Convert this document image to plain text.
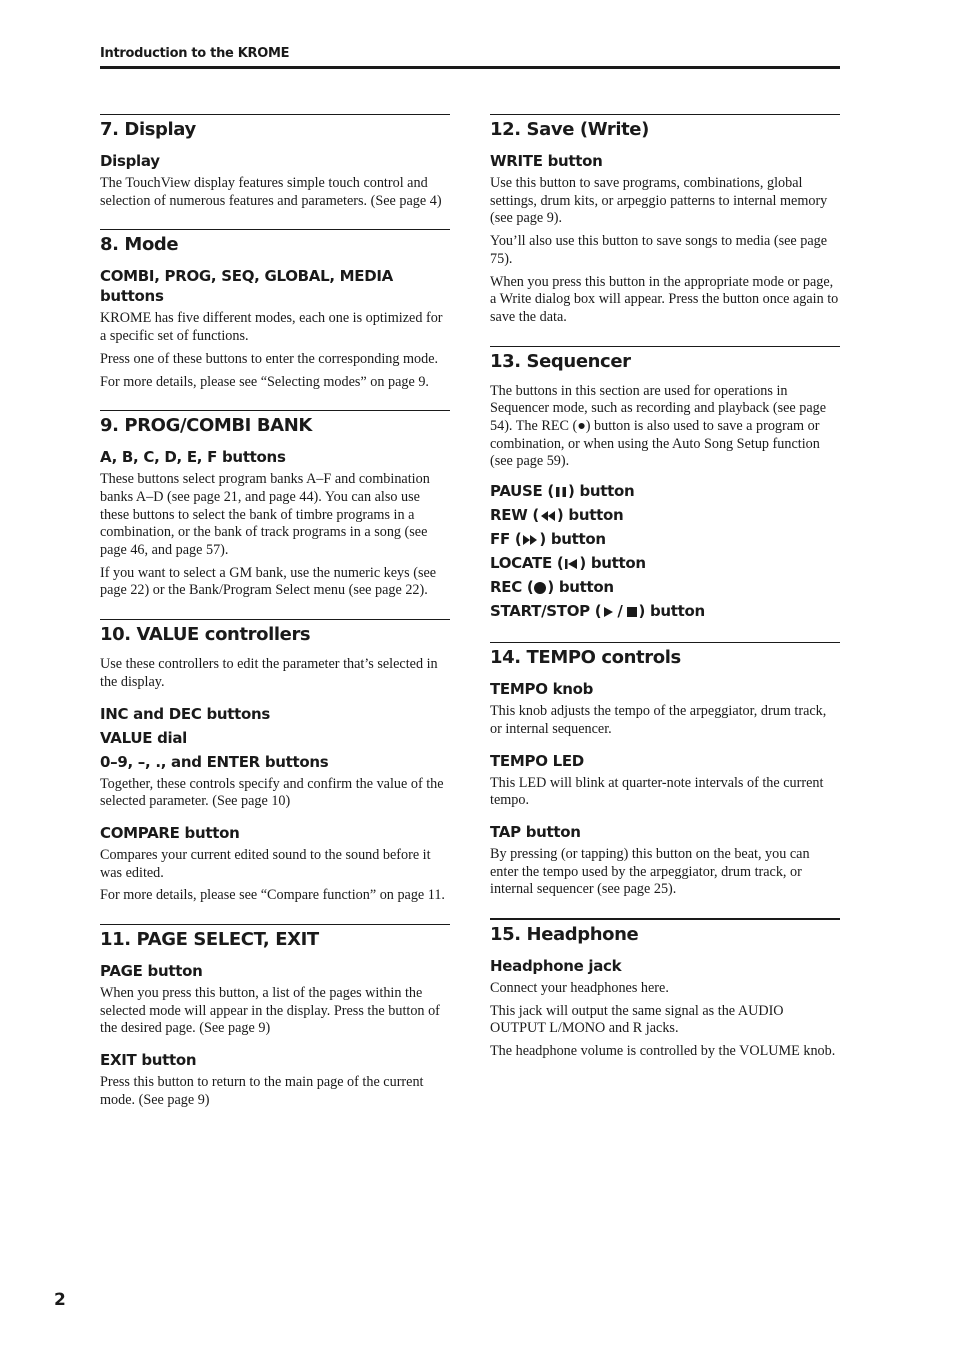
Introduction to the KROME
7. Display
Display

The TouchView display features simple touch control and selection of numerous features and parameters. (See page 4)

8. Mode
COMBI, PROG, SEQ, GLOBAL, MEDIA buttons

KROME has five different modes, each one is optimized for a specific set of functions.

Press one of these buttons to enter the corresponding mode.

For more details, please see “Selecting modes” on page 9.

9. PROG/COMBI BANK
A, B, C, D, E, F buttons

These buttons select program banks A–F and combination banks A–D (see page 21, and page 44). You can also use these buttons to select the bank of timbre programs in a combination, or the bank of track programs in a song (see page 46, and page 57).

If you want to select a GM bank, use the numeric keys (see page 22) or the Bank/Program Select menu (see page 22).

10. VALUE controllers

Use these controllers to edit the parameter that’s selected in the display.

INC and DEC buttons
VALUE dial
0–9, –, ., and ENTER buttons

Together, these controls specify and confirm the value of the selected parameter. (See page 10)

COMPARE button

Compares your current edited sound to the sound before it was edited.

For more details, please see “Compare function” on page 11.

11. PAGE SELECT, EXIT
PAGE button

When you press this button, a list of the pages within the selected mode will appear in the display. Press the button of the desired page. (See page 9)

EXIT button

Press this button to return to the main page of the current mode. (See page 9)

12. Save (Write)
WRITE button

Use this button to save programs, combinations, global settings, drum kits, or arpeggio patterns to internal memory (see page 9).

You’ll also use this button to save songs to media (see page 75).

When you press this button in the appropriate mode or page, a Write dialog box will appear. Press the button once again to save the data.

13. Sequencer

The buttons in this section are used for operations in Sequencer mode, such as recording and playback (see page 54). The REC (●) button is also used to save a program or combination, or when using the Auto Song Setup function (see page 59).

PAUSE ( ) button
REW ( ) button
FF ( ) button
LOCATE ( ) button
REC ( ) button
START/STOP ( / ) button
14. TEMPO controls
TEMPO knob

This knob adjusts the tempo of the arpeggiator, drum track, or internal sequencer.

TEMPO LED

This LED will blink at quarter-note intervals of the current tempo.

TAP button

By pressing (or tapping) this button on the beat, you can enter the tempo used by the arpeggiator, drum track, or internal sequencer (see page 25).

15. Headphone
Headphone jack

Connect your headphones here.

This jack will output the same signal as the AUDIO OUTPUT L/MONO and R jacks.

The headphone volume is controlled by the VOLUME knob.

2
